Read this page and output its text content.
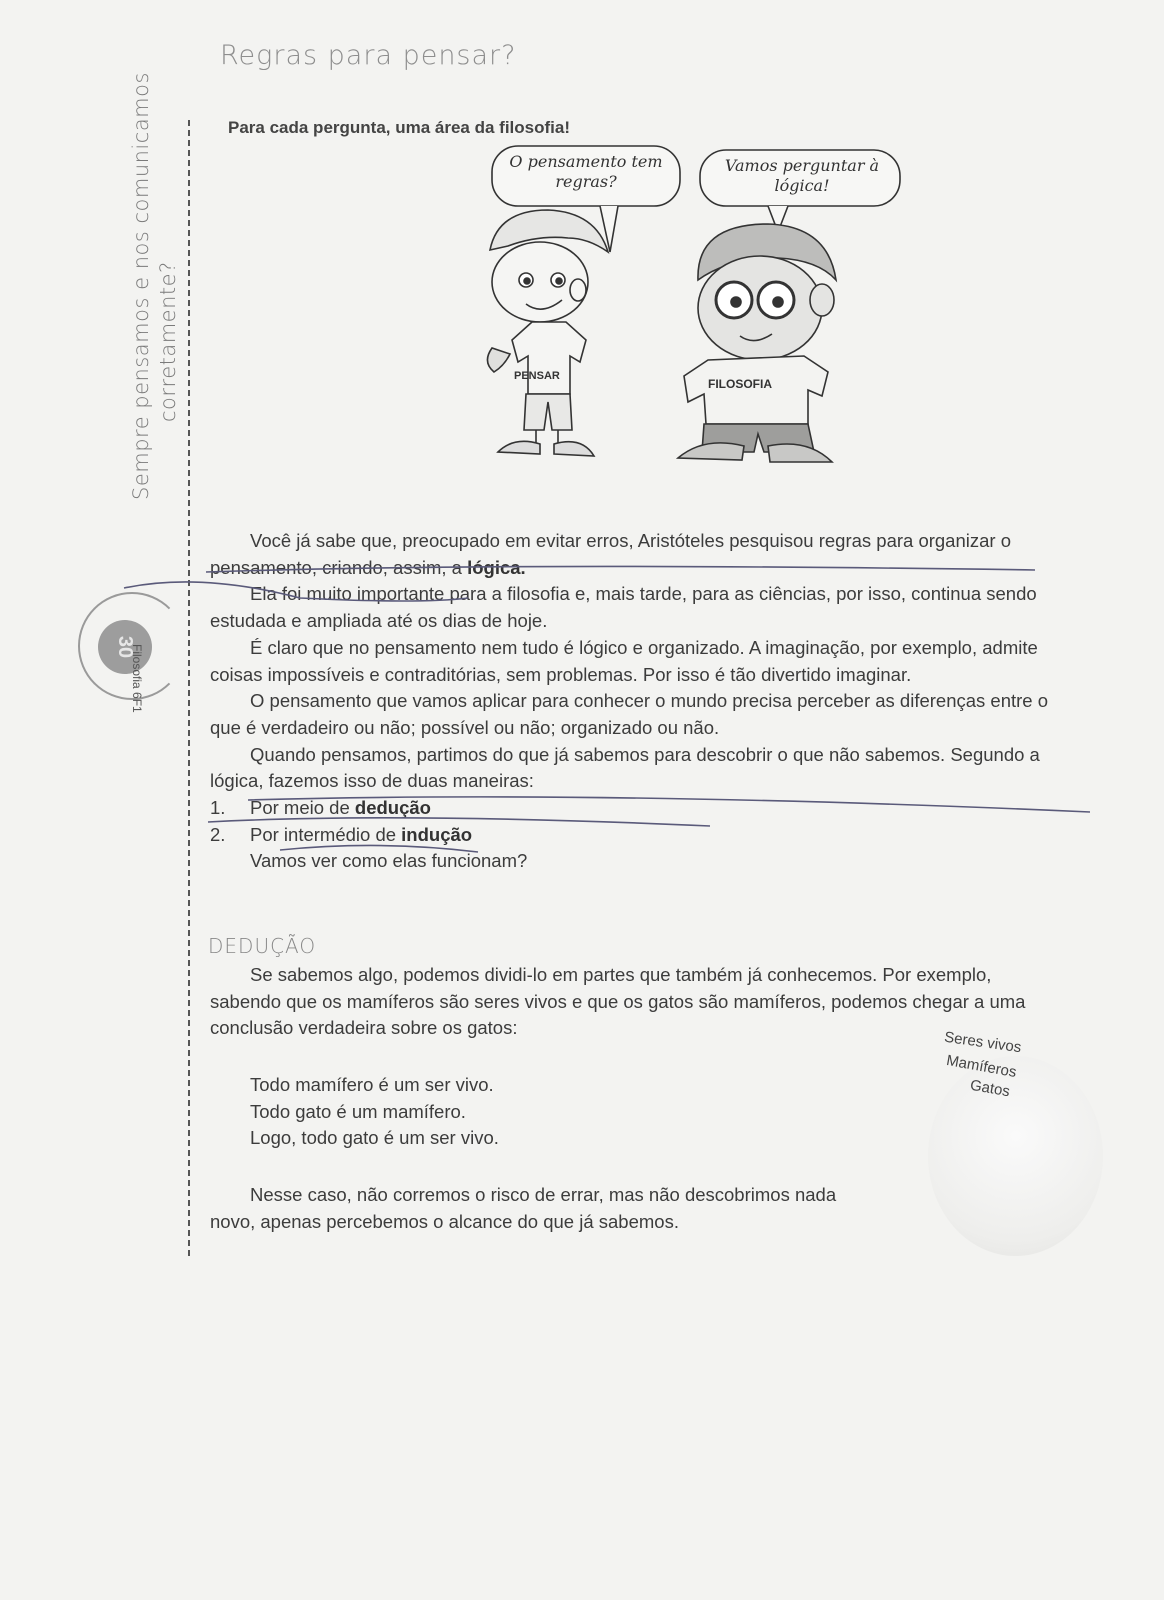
Sempre pensamos e nos comunicamos corretamente?
30
Filosofia 6F1
Regras para pensar?
Para cada pergunta, uma área da filosofia!
O pensamento tem
regras?
Vamos perguntar à
lógica!
PENSAR
FILOSOFIA

Você já sabe que, preocupado em evitar erros, Aristóteles pesquisou regras para organizar o pensamento, criando, assim, a lógica.

Ela foi muito importante para a filosofia e, mais tarde, para as ciências, por isso, continua sendo estudada e ampliada até os dias de hoje.

É claro que no pensamento nem tudo é lógico e organizado. A imaginação, por exemplo, admite coisas impossíveis e contraditórias, sem problemas. Por isso é tão divertido imaginar.

O pensamento que vamos aplicar para conhecer o mundo precisa perceber as diferenças entre o que é verdadeiro ou não; possível ou não; organizado ou não.

Quando pensamos, partimos do que já sabemos para descobrir o que não sabemos. Segundo a lógica, fazemos isso de duas maneiras:

1. Por meio de dedução
2. Por intermédio de indução
Vamos ver como elas funcionam?
DEDUÇÃO

Se sabemos algo, podemos dividi-lo em partes que também já conhecemos. Por exemplo, sabendo que os mamíferos são seres vivos e que os gatos são mamíferos, podemos chegar a uma conclusão verdadeira sobre os gatos:

Todo mamífero é um ser vivo.
Todo gato é um mamífero.
Logo, todo gato é um ser vivo.

Nesse caso, não corremos o risco de errar, mas não descobrimos nada novo, apenas percebemos o alcance do que já sabemos.

Seres vivos
Mamíferos
Gatos
